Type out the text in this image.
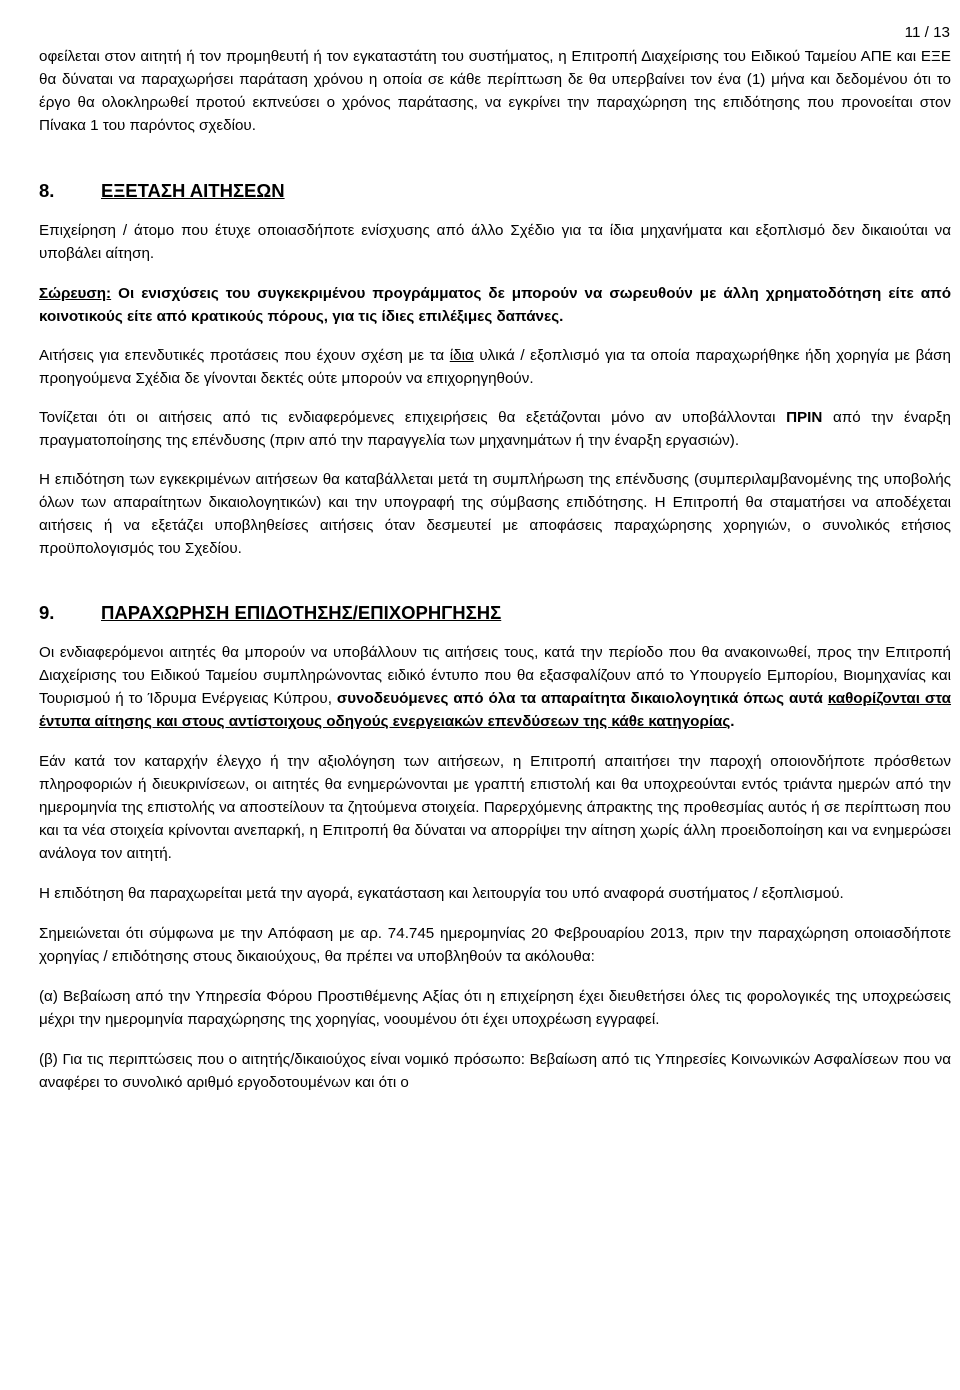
11 / 13

οφείλεται στον αιτητή ή τον προμηθευτή ή τον εγκαταστάτη του συστήματος, η Επιτροπή Διαχείρισης του Ειδικού Ταμείου ΑΠΕ και ΕΞΕ θα δύναται να παραχωρήσει παράταση χρόνου η οποία σε κάθε περίπτωση δε θα υπερβαίνει τον ένα (1) μήνα και δεδομένου ότι το έργο θα ολοκληρωθεί προτού εκπνεύσει ο χρόνος παράτασης, να εγκρίνει την παραχώρηση της επιδότησης που προνοείται στον Πίνακα 1 του παρόντος σχεδίου.

8.	ΕΞΕΤΑΣΗ ΑΙΤΗΣΕΩΝ

Επιχείρηση / άτομο που έτυχε οποιασδήποτε ενίσχυσης από άλλο Σχέδιο για τα ίδια μηχανήματα και εξοπλισμό δεν δικαιούται να υποβάλει αίτηση.

Σώρευση: Οι ενισχύσεις του συγκεκριμένου προγράμματος δε μπορούν να σωρευθούν με άλλη χρηματοδότηση είτε από κοινοτικούς είτε από κρατικούς πόρους, για τις ίδιες επιλέξιμες δαπάνες.

Αιτήσεις για επενδυτικές προτάσεις που έχουν σχέση με τα ίδια υλικά / εξοπλισμό για τα οποία παραχωρήθηκε ήδη χορηγία με βάση προηγούμενα Σχέδια δε γίνονται δεκτές ούτε μπορούν να επιχορηγηθούν.

Τονίζεται ότι οι αιτήσεις από τις ενδιαφερόμενες επιχειρήσεις θα εξετάζονται μόνο αν υποβάλλονται ΠΡΙΝ από την έναρξη πραγματοποίησης της επένδυσης (πριν από την παραγγελία των μηχανημάτων ή την έναρξη εργασιών).

Η επιδότηση των εγκεκριμένων αιτήσεων θα καταβάλλεται μετά τη συμπλήρωση της επένδυσης (συμπεριλαμβανομένης της υποβολής όλων των απαραίτητων δικαιολογητικών) και την υπογραφή της σύμβασης επιδότησης. Η Επιτροπή θα σταματήσει να αποδέχεται αιτήσεις ή να εξετάζει υποβληθείσες αιτήσεις όταν δεσμευτεί με αποφάσεις παραχώρησης χορηγιών, ο συνολικός ετήσιος προϋπολογισμός του Σχεδίου.

9.	ΠΑΡΑΧΩΡΗΣΗ ΕΠΙΔΟΤΗΣΗΣ/ΕΠΙΧΟΡΗΓΗΣΗΣ

Οι ενδιαφερόμενοι αιτητές θα μπορούν να υποβάλλουν τις αιτήσεις τους, κατά την περίοδο που θα ανακοινωθεί, προς την Επιτροπή Διαχείρισης του Ειδικού Ταμείου συμπληρώνοντας ειδικό έντυπο που θα εξασφαλίζουν από το Υπουργείο Εμπορίου, Βιομηχανίας και Τουρισμού ή το Ίδρυμα Ενέργειας Κύπρου, συνοδευόμενες από όλα τα απαραίτητα δικαιολογητικά όπως αυτά καθορίζονται στα έντυπα αίτησης και στους αντίστοιχους οδηγούς ενεργειακών επενδύσεων της κάθε κατηγορίας.

Εάν κατά τον καταρχήν έλεγχο ή την αξιολόγηση των αιτήσεων, η Επιτροπή απαιτήσει την παροχή οποιονδήποτε πρόσθετων πληροφοριών ή διευκρινίσεων, οι αιτητές θα ενημερώνονται με γραπτή επιστολή και θα υποχρεούνται εντός τριάντα ημερών από την ημερομηνία της επιστολής να αποστείλουν τα ζητούμενα στοιχεία. Παρερχόμενης άπρακτης της προθεσμίας αυτός ή σε περίπτωση που και τα νέα στοιχεία κρίνονται ανεπαρκή, η Επιτροπή θα δύναται να απορρίψει την αίτηση χωρίς άλλη προειδοποίηση και να ενημερώσει ανάλογα τον αιτητή.

Η επιδότηση θα παραχωρείται μετά την αγορά, εγκατάσταση και λειτουργία του υπό αναφορά συστήματος / εξοπλισμού.

Σημειώνεται ότι σύμφωνα με την Απόφαση με αρ. 74.745 ημερομηνίας 20 Φεβρουαρίου 2013, πριν την παραχώρηση οποιασδήποτε χορηγίας / επιδότησης στους δικαιούχους, θα πρέπει να υποβληθούν τα ακόλουθα:

(α) Βεβαίωση από την Υπηρεσία Φόρου Προστιθέμενης Αξίας ότι η επιχείρηση έχει διευθετήσει όλες τις φορολογικές της υποχρεώσεις μέχρι την ημερομηνία παραχώρησης της χορηγίας, νοουμένου ότι έχει υποχρέωση εγγραφεί.

(β) Για τις περιπτώσεις που ο αιτητής/δικαιούχος είναι νομικό πρόσωπο: Βεβαίωση από τις Υπηρεσίες Κοινωνικών Ασφαλίσεων που να αναφέρει το συνολικό αριθμό εργοδοτουμένων και ότι ο
